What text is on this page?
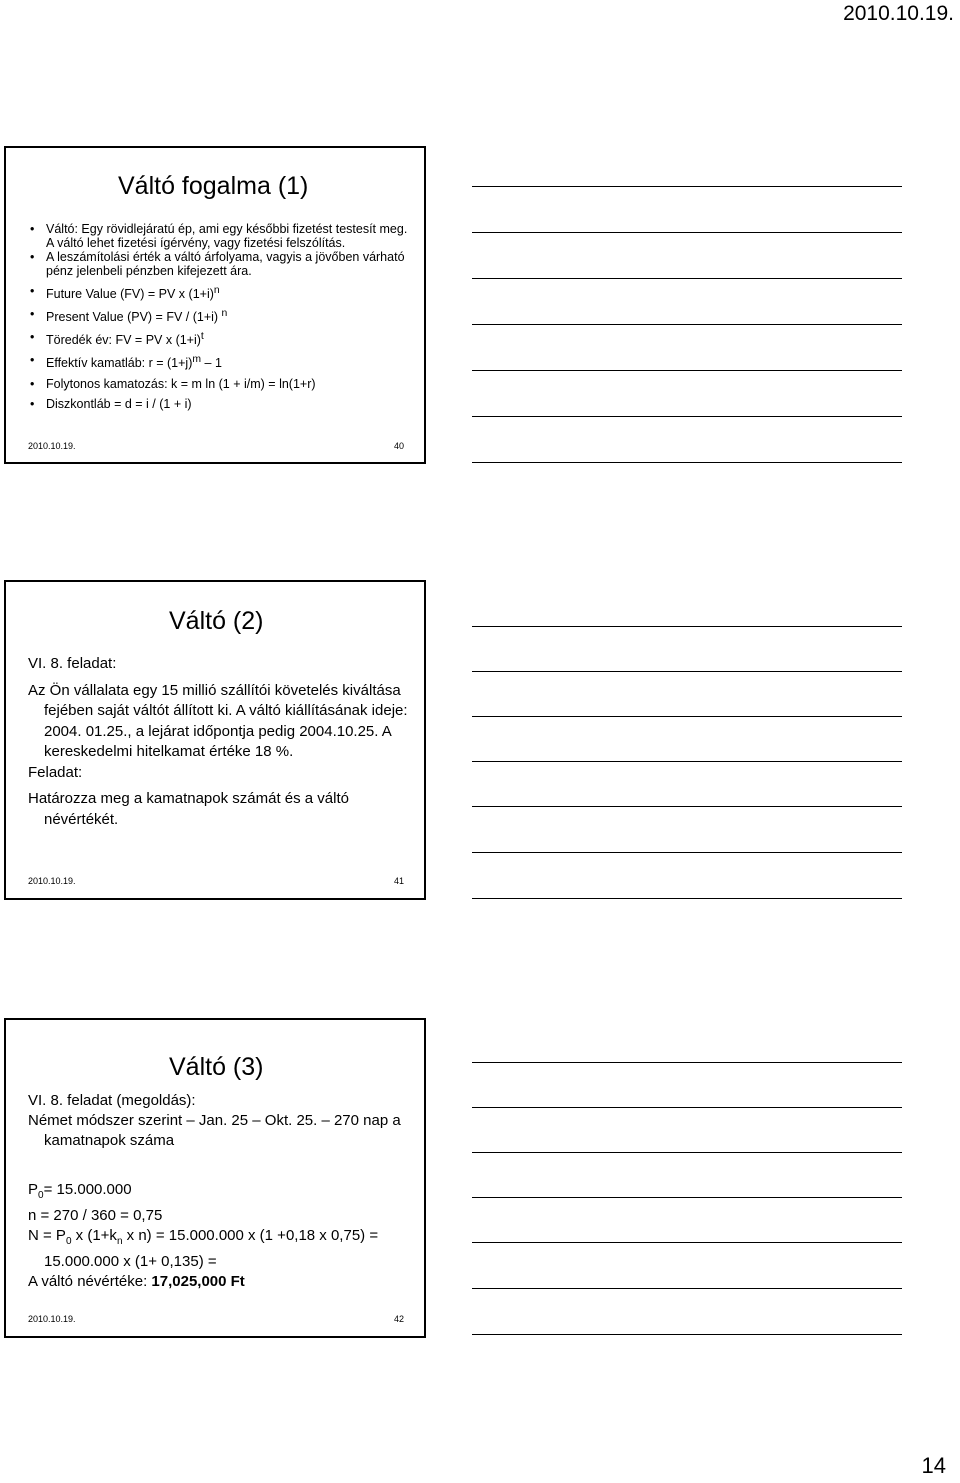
2010.10.19.
Váltó fogalma (1)
• Váltó: Egy rövidlejáratú ép, ami egy későbbi fizetést testesít meg. A váltó lehet fizetési ígérvény, vagy fizetési felszólítás.
• A leszámítolási érték a váltó árfolyama, vagyis a jövőben várható pénz jelenbeli pénzben kifejezett ára.
• Future Value (FV) = PV x $(1+i)^n$
• Present Value (PV) = FV / (1+i) $^n$
• Töredék év: FV = PV x $(1+i)^t$
• Effektív kamatláb: $r = (1+j)^m - 1$
• Folytonos kamatozás: k = m ln (1 + i/m) = ln(1+r)
• Diszkontláb = d = i / (1 + i)
2010.10.19.	40
Váltó (2)

VI. 8. feladat:

Az Ön vállalata egy 15 millió szállítói követelés kiváltása fejében saját váltót állított ki. A váltó kiállításának ideje: 2004. 01.25., a lejárat időpontja pedig 2004.10.25. A kereskedelmi hitelkamat értéke 18 %.

Feladat:

Határozza meg a kamatnapok számát és a váltó névértékét.

2010.10.19.	41
Váltó (3)

VI. 8. feladat (megoldás):

Német módszer szerint – Jan. 25 – Okt. 25. – 270 nap a kamatnapok száma

$P_0= 15.000.000$

n = 270 / 360 = 0,75

$N = P_0$ x ($1+k_n$ x n) = 15.000.000 x (1 +0,18 x 0,75) = 15.000.000 x (1+ 0,135) =

A váltó névértéke: 17,025,000 Ft

2010.10.19.	42
14
